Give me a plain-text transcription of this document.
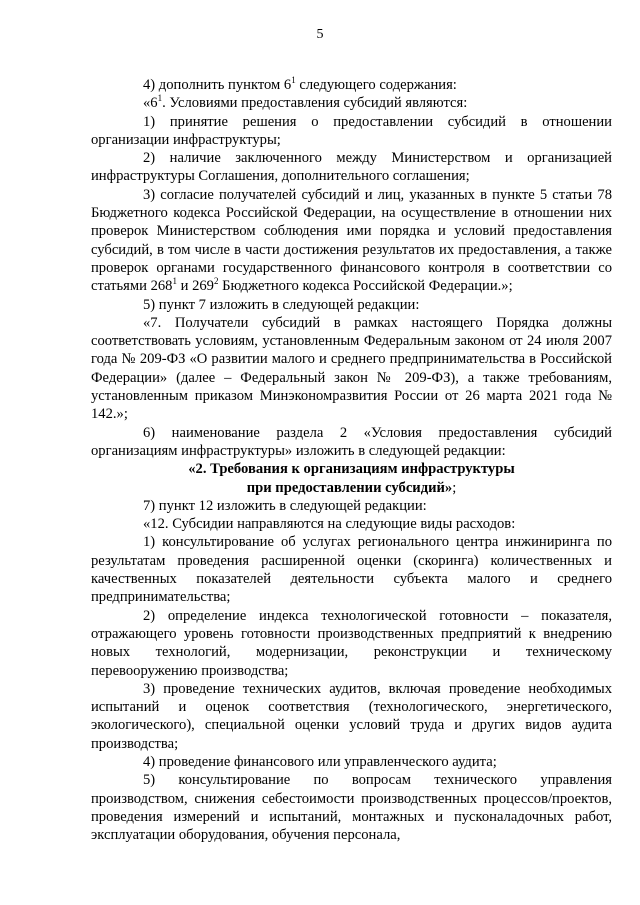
5

4) дополнить пунктом $6^1$ следующего содержания:

«$6^1$. Условиями предоставления субсидий являются:

1) принятие решения о предоставлении субсидий в отношении организации инфраструктуры;

2) наличие заключенного между Министерством и организацией инфраструктуры Соглашения, дополнительного соглашения;

3) согласие получателей субсидий и лиц, указанных в пункте 5 статьи 78 Бюджетного кодекса Российской Федерации, на осуществление в отношении них проверок Министерством соблюдения ими порядка и условий предоставления субсидий, в том числе в части достижения результатов их предоставления, а также проверок органами государственного финансового контроля в соответствии со статьями $268^1$ и $269^2$ Бюджетного кодекса Российской Федерации.»;

5) пункт 7 изложить в следующей редакции:

«7. Получатели субсидий в рамках настоящего Порядка должны соответствовать условиям, установленным Федеральным законом от 24 июля 2007 года № 209-ФЗ «О развитии малого и среднего предпринимательства в Российской Федерации» (далее – Федеральный закон № 209-ФЗ), а также требованиям, установленным приказом Минэкономразвития России от 26 марта 2021 года № 142.»;

6) наименование раздела 2 «Условия предоставления субсидий организациям инфраструктуры» изложить в следующей редакции:

«2. Требования к организациям инфраструктуры
при предоставлении субсидий»;

7) пункт 12 изложить в следующей редакции:

«12. Субсидии направляются на следующие виды расходов:

1) консультирование об услугах регионального центра инжиниринга по результатам проведения расширенной оценки (скоринга) количественных и качественных показателей деятельности субъекта малого и среднего предпринимательства;

2) определение индекса технологической готовности – показателя, отражающего уровень готовности производственных предприятий к внедрению новых технологий, модернизации, реконструкции и техническому перевооружению производства;

3) проведение технических аудитов, включая проведение необходимых испытаний и оценок соответствия (технологического, энергетического, экологического), специальной оценки условий труда и других видов аудита производства;

4) проведение финансового или управленческого аудита;

5) консультирование по вопросам технического управления производством, снижения себестоимости производственных процессов/проектов, проведения измерений и испытаний, монтажных и пусконаладочных работ, эксплуатации оборудования, обучения персонала,
